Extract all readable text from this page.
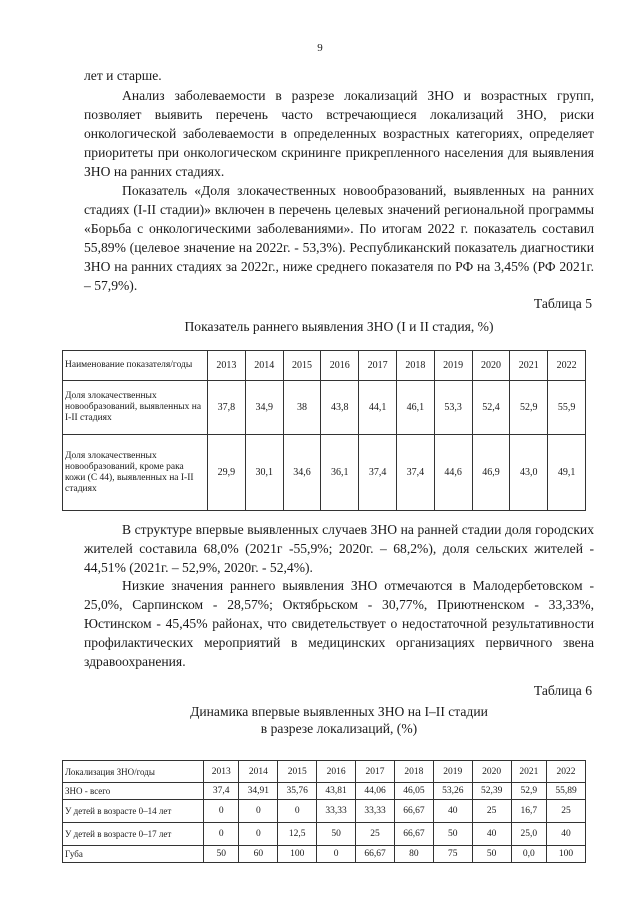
9

лет и старше.

Анализ заболеваемости в разрезе локализаций ЗНО и возрастных групп, позволяет выявить перечень часто встречающиеся локализаций ЗНО, риски онкологической заболеваемости в определенных возрастных категориях, определяет приоритеты при онкологическом скрининге прикрепленного населения для выявления ЗНО на ранних стадиях.

Показатель «Доля злокачественных новообразований, выявленных на ранних стадиях (I-II стадии)» включен в перечень целевых значений региональной программы «Борьба с онкологическими заболеваниями». По итогам 2022 г. показатель составил 55,89% (целевое значение на 2022г. - 53,3%). Республиканский показатель диагностики ЗНО на ранних стадиях за 2022г., ниже среднего показателя по РФ на 3,45% (РФ 2021г. – 57,9%).

Таблица 5
Показатель раннего выявления ЗНО (I и II стадия, %)
Наименование показателя/годы	2013	2014	2015	2016	2017	2018	2019	2020	2021	2022
Доля злокачественных новообразований, выявленных на I-II стадиях	37,8	34,9	38	43,8	44,1	46,1	53,3	52,4	52,9	55,9
Доля злокачественных новообразований, кроме рака кожи (С 44), выявленных на I-II стадиях	29,9	30,1	34,6	36,1	37,4	37,4	44,6	46,9	43,0	49,1

В структуре впервые выявленных случаев ЗНО на ранней стадии доля городских жителей составила 68,0% (2021г -55,9%; 2020г. – 68,2%), доля сельских жителей - 44,51% (2021г. – 52,9%, 2020г. - 52,4%).

Низкие значения раннего выявления ЗНО отмечаются в Малодербетовском - 25,0%, Сарпинском - 28,57%; Октябрьском - 30,77%, Приютненском - 33,33%, Юстинском - 45,45% районах, что свидетельствует о недостаточной результативности профилактических мероприятий в медицинских организациях первичного звена здравоохранения.

Таблица 6
Динамика впервые выявленных ЗНО на I–II стадии
в разрезе локализаций, (%)
Локализация ЗНО/годы	2013	2014	2015	2016	2017	2018	2019	2020	2021	2022
ЗНО - всего	37,4	34,91	35,76	43,81	44,06	46,05	53,26	52,39	52,9	55,89
У детей в возрасте 0–14 лет	0	0	0	33,33	33,33	66,67	40	25	16,7	25
У детей в возрасте 0–17 лет	0	0	12,5	50	25	66,67	50	40	25,0	40
Губа	50	60	100	0	66,67	80	75	50	0,0	100
